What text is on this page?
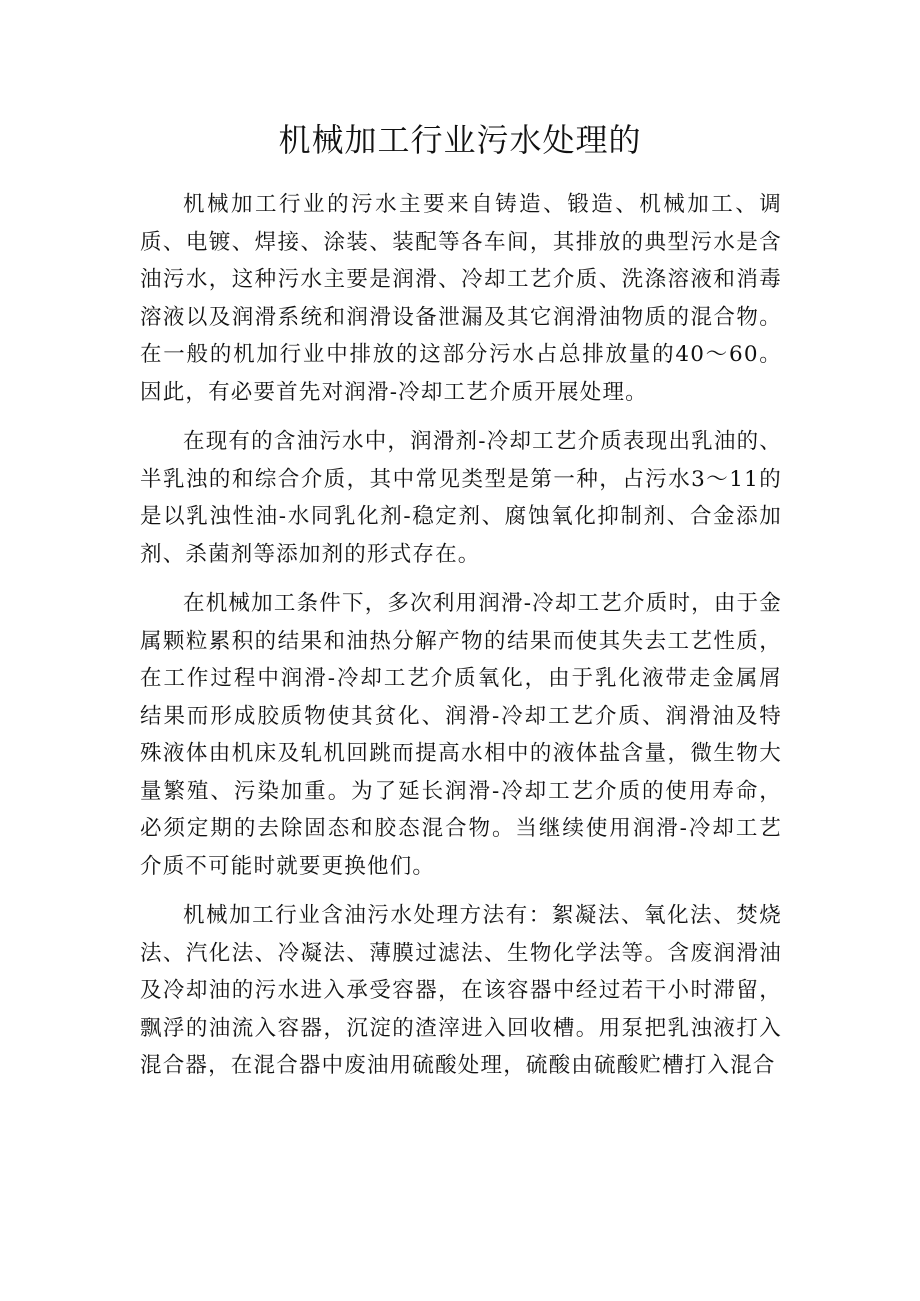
机械加工行业污水处理的

机械加工行业的污水主要来自铸造、锻造、机械加工、调质、电镀、焊接、涂装、装配等各车间，其排放的典型污水是含油污水，这种污水主要是润滑、冷却工艺介质、洗涤溶液和消毒溶液以及润滑系统和润滑设备泄漏及其它润滑油物质的混合物。在一般的机加行业中排放的这部分污水占总排放量的40～60。因此，有必要首先对润滑-冷却工艺介质开展处理。

在现有的含油污水中，润滑剂-冷却工艺介质表现出乳油的、半乳浊的和综合介质，其中常见类型是第一种，占污水3～11的是以乳浊性油-水同乳化剂-稳定剂、腐蚀氧化抑制剂、合金添加剂、杀菌剂等添加剂的形式存在。

在机械加工条件下，多次利用润滑-冷却工艺介质时，由于金属颗粒累积的结果和油热分解产物的结果而使其失去工艺性质，在工作过程中润滑-冷却工艺介质氧化，由于乳化液带走金属屑结果而形成胶质物使其贫化、润滑-冷却工艺介质、润滑油及特殊液体由机床及轧机回跳而提高水相中的液体盐含量，微生物大量繁殖、污染加重。为了延长润滑-冷却工艺介质的使用寿命，必须定期的去除固态和胶态混合物。当继续使用润滑-冷却工艺介质不可能时就要更换他们。

机械加工行业含油污水处理方法有：絮凝法、氧化法、焚烧法、汽化法、冷凝法、薄膜过滤法、生物化学法等。含废润滑油及冷却油的污水进入承受容器，在该容器中经过若干小时滞留，飘浮的油流入容器，沉淀的渣滓进入回收槽。用泵把乳浊液打入混合器，在混合器中废油用硫酸处理，硫酸由硫酸贮槽打入混合
